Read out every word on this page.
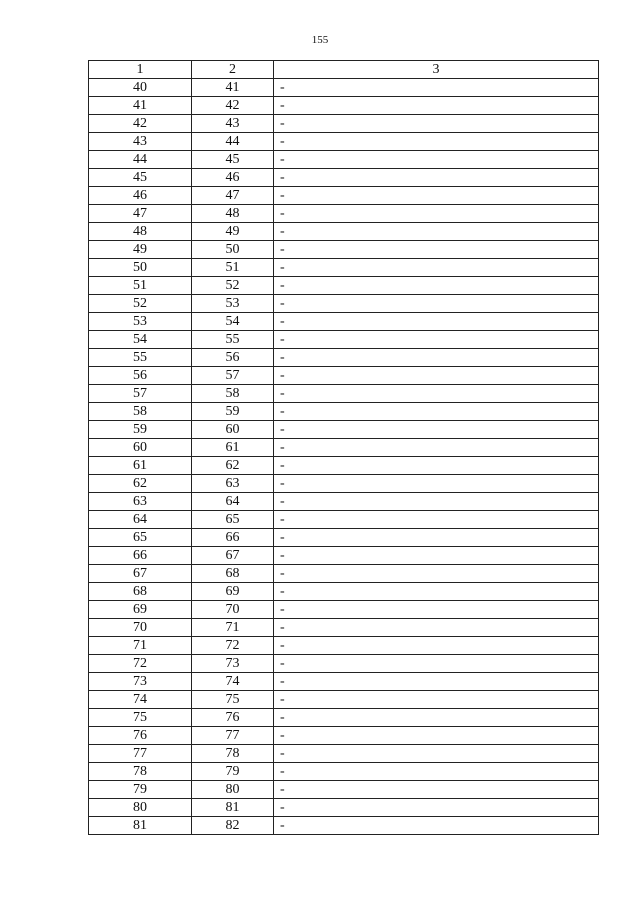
155
1	2	3
40	41	-
41	42	-
42	43	-
43	44	-
44	45	-
45	46	-
46	47	-
47	48	-
48	49	-
49	50	-
50	51	-
51	52	-
52	53	-
53	54	-
54	55	-
55	56	-
56	57	-
57	58	-
58	59	-
59	60	-
60	61	-
61	62	-
62	63	-
63	64	-
64	65	-
65	66	-
66	67	-
67	68	-
68	69	-
69	70	-
70	71	-
71	72	-
72	73	-
73	74	-
74	75	-
75	76	-
76	77	-
77	78	-
78	79	-
79	80	-
80	81	-
81	82	-
